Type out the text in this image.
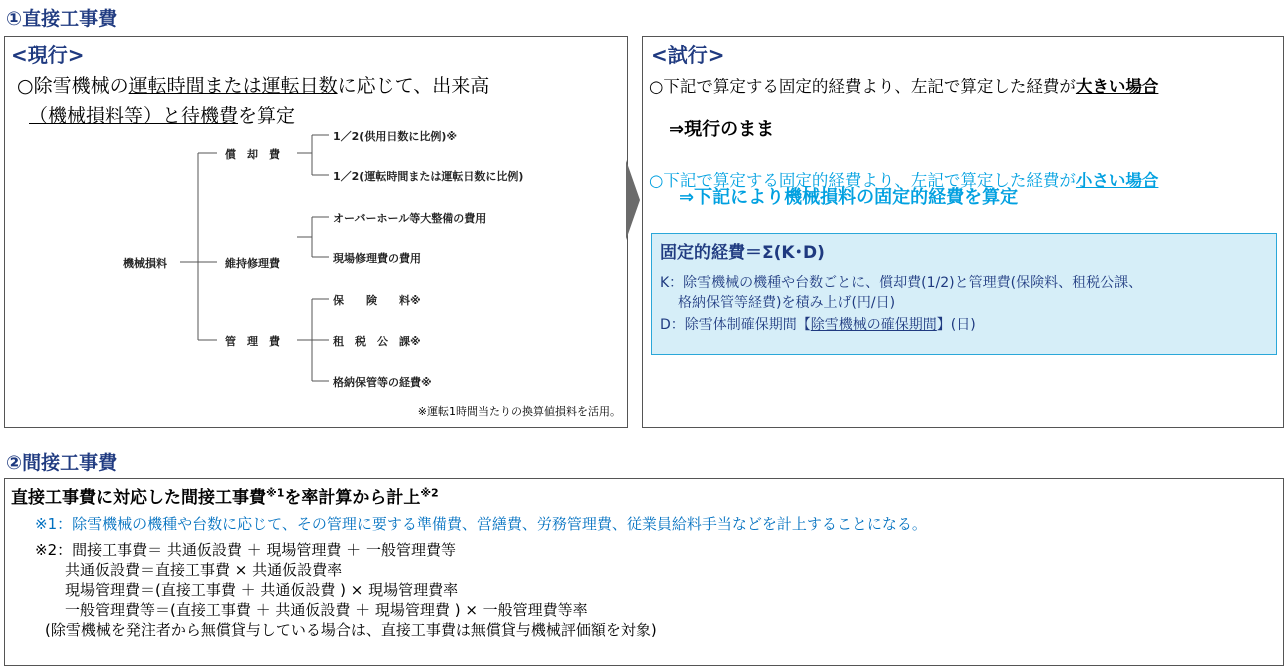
①直接工事費
<現行>
○除雪機械の運転時間または運転日数に応じて、出来高
（機械損料等）と待機費を算定
機械損料
償　却　費
1／2(供用日数に比例)※
1／2(運転時間または運転日数に比例)
維持修理費
オーバーホール等大整備の費用
現場修理費の費用
管　理　費
保　　険　　料※
租　税　公　課※
格納保管等の経費※
※運転1時間当たりの換算値損料を活用。
<試行>
○下記で算定する固定的経費より、左記で算定した経費が大きい場合
⇒現行のまま
○下記で算定する固定的経費より、左記で算定した経費が小さい場合
⇒下記により機械損料の固定的経費を算定
固定的経費＝Σ(K･D)
K：除雪機械の機種や台数ごとに、償却費(1/2)と管理費(保険料、租税公課、
格納保管等経費)を積み上げ(円/日)
D：除雪体制確保期間【除雪機械の確保期間】(日)
②間接工事費
直接工事費に対応した間接工事費$^{※1}$を率計算から計上$^{※2}$
※1：除雪機械の機種や台数に応じて、その管理に要する準備費、営繕費、労務管理費、従業員給料手当などを計上することになる。
※2：間接工事費＝ 共通仮設費 ＋ 現場管理費 ＋ 一般管理費等
共通仮設費＝直接工事費 × 共通仮設費率
現場管理費＝(直接工事費 ＋ 共通仮設費 ) × 現場管理費率
一般管理費等＝(直接工事費 ＋ 共通仮設費 ＋ 現場管理費 ) × 一般管理費等率
(除雪機械を発注者から無償貸与している場合は、直接工事費は無償貸与機械評価額を対象)
